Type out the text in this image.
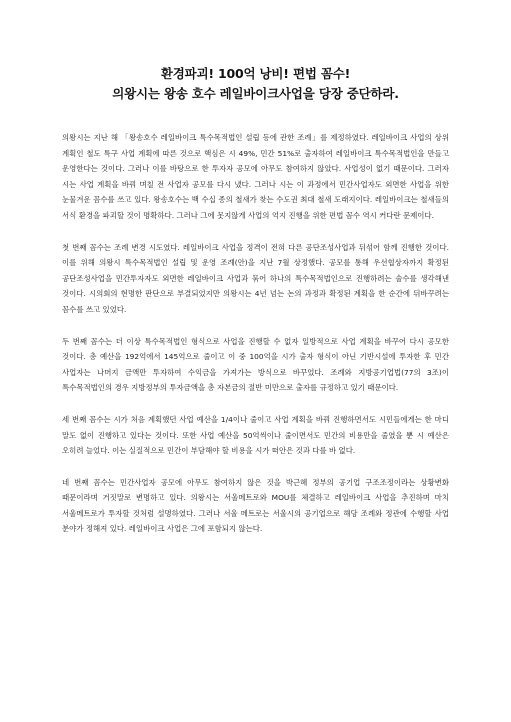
환경파괴! 100억 낭비! 편법 꼼수!
의왕시는 왕송 호수 레일바이크사업을 당장 중단하라.

의왕시는 지난 해 「왕송호수 레일바이크 특수목적법인 설립 등에 관한 조례」를 제정하였다. 레일바이크 사업의 상위 계획인 철도 특구 사업 계획에 따른 것으로 핵심은 시 49%, 민간 51%로 출자하여 레일바이크 특수목적법인을 만들고 운영한다는 것이다. 그러나 이를 바탕으로 한 투자자 공모에 아무도 참여하지 않았다. 사업성이 없기 때문이다. 그러자 시는 사업 계획을 바꿔 며칠 전 사업자 공모를 다시 냈다. 그러나 시는 이 과정에서 민간사업자도 외면한 사업을 위한 눈물겨운 꼼수를 쓰고 있다. 왕송호수는 백 수십 종의 철새가 찾는 수도권 최대 철새 도래지이다. 레일바이크는 철새들의 서식 환경을 파괴할 것이 명확하다. 그러나 그에 못지않게 사업의 억지 진행을 위한 편법 꼼수 역시 커다란 문제이다.

첫 번째 꼼수는 조례 변경 시도였다. 레일바이크 사업을 정격이 전혀 다른 공단조성사업과 뒤섞어 함께 진행한 것이다. 이를 위해 의왕시 특수목적법인 설립 및 운영 조례(안)을 지난 7월 상정했다. 공모를 통해 우선협상자까지 확정된 공단조성사업을 민간투자자도 외면한 레일바이크 사업과 묶어 하나의 특수목적법인으로 진행하려는 술수를 생각해낸 것이다. 시의회의 현명한 판단으로 부결되었지만 의왕시는 4년 넘는 논의 과정과 확정된 계획을 한 순간에 뒤바꾸려는 꼼수를 쓰고 있었다.

두 번째 꼼수는 더 이상 특수목적법인 형식으로 사업을 진행할 수 없자 일방적으로 사업 계획을 바꾸어 다시 공모한 것이다. 총 예산을 192억에서 145억으로 줄이고 이 중 100억을 시가 출자 형식이 아닌 기반시설에 투자한 후 민간 사업자는 나머지 금액만 투자하여 수익금을 가져가는 방식으로 바꾸었다. 조례와 지방공기업법(77의 3조)이 특수목적법인의 경우 지방정부의 투자금액을 총 자본금의 절반 미만으로 출자를 규정하고 있기 때문이다.

세 번째 꼼수는 시가 처음 계획했던 사업 예산을 1/4이나 줄이고 사업 계획을 바꿔 진행하면서도 시민들에게는 한 마디 말도 없이 진행하고 있다는 것이다. 또한 사업 예산을 50억씩이나 줄이면서도 민간의 비용만을 줄였을 뿐 시 예산은 오히려 늘었다. 이는 실질적으로 민간이 부담해야 할 비용을 시가 떠안은 것과 다를 바 없다.

네 번째 꼼수는 민간사업자 공모에 아무도 참여하지 않은 것을 박근혜 정부의 공기업 구조조정이라는 상황변화 때문이라며 거짓말로 변명하고 있다. 의왕시는 서울메트로와 MOU를 체결하고 레일바이크 사업을 추진하며 마치 서울메트로가 투자할 것처럼 설명하였다. 그러나 서울 메트로는 서울시의 공기업으로 해당 조례와 정관에 수행할 사업 분야가 정해져 있다. 레일바이크 사업은 그에 포함되지 않는다.
